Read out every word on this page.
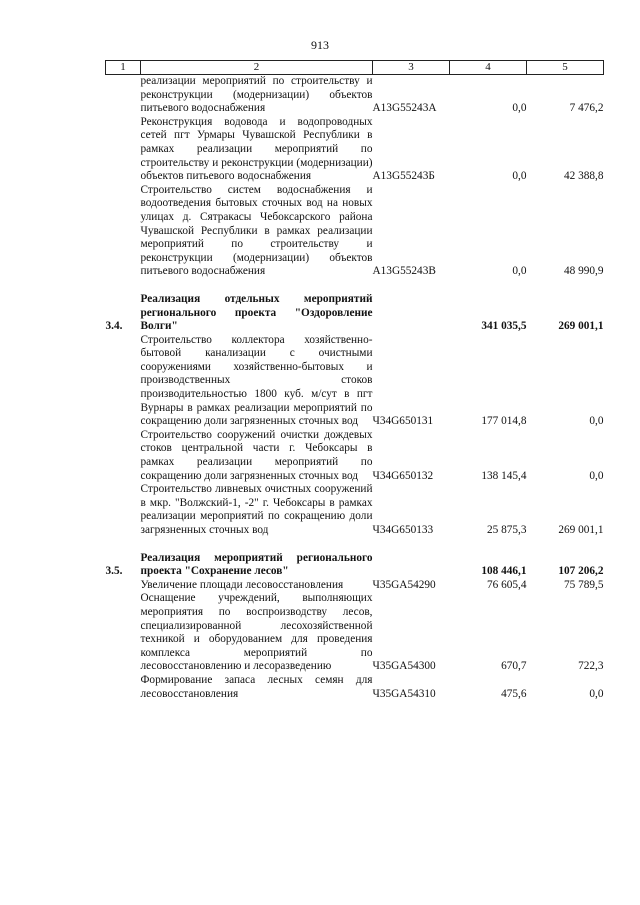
913
1	2	3	4	5
	реализации мероприятий по строительству и реконструкции (модернизации) объектов питьевого водоснабжения	А13G55243А	0,0	7 476,2
	Реконструкция водовода и водопроводных сетей пгт Урмары Чувашской Республики в рамках реализации мероприятий по строительству и реконструкции (модернизации) объектов питьевого водоснабжения	А13G55243Б	0,0	42 388,8
	Строительство систем водоснабжения и водоотведения бытовых сточных вод на новых улицах д. Сятракасы Чебоксарского района Чувашской Республики в рамках реализации мероприятий по строительству и реконструкции (модернизации) объектов питьевого водоснабжения	А13G55243В	0,0	48 990,9

3.4.	Реализация отдельных мероприятий регионального проекта "Оздоровление Волги"		341 035,5	269 001,1
	Строительство коллектора хозяйственно-бытовой канализации с очистными сооружениями хозяйственно-бытовых и производственных стоков производительностью 1800 куб. м/сут в пгт Вурнары в рамках реализации мероприятий по сокращению доли загрязненных сточных вод	Ч34G650131	177 014,8	0,0
	Строительство сооружений очистки дождевых стоков центральной части г. Чебоксары в рамках реализации мероприятий по сокращению доли загрязненных сточных вод	Ч34G650132	138 145,4	0,0
	Строительство ливневых очистных сооружений в мкр. "Волжский-1, -2" г. Чебоксары в рамках реализации мероприятий по сокращению доли загрязненных сточных вод	Ч34G650133	25 875,3	269 001,1

3.5.	Реализация мероприятий регионального проекта "Сохранение лесов"		108 446,1	107 206,2
	Увеличение площади лесовосстановления	Ч35GА54290	76 605,4	75 789,5
	Оснащение учреждений, выполняющих мероприятия по воспроизводству лесов, специализированной лесохозяйственной техникой и оборудованием для проведения комплекса мероприятий по лесовосстановлению и лесоразведению	Ч35GА54300	670,7	722,3
	Формирование запаса лесных семян для лесовосстановления	Ч35GА54310	475,6	0,0
